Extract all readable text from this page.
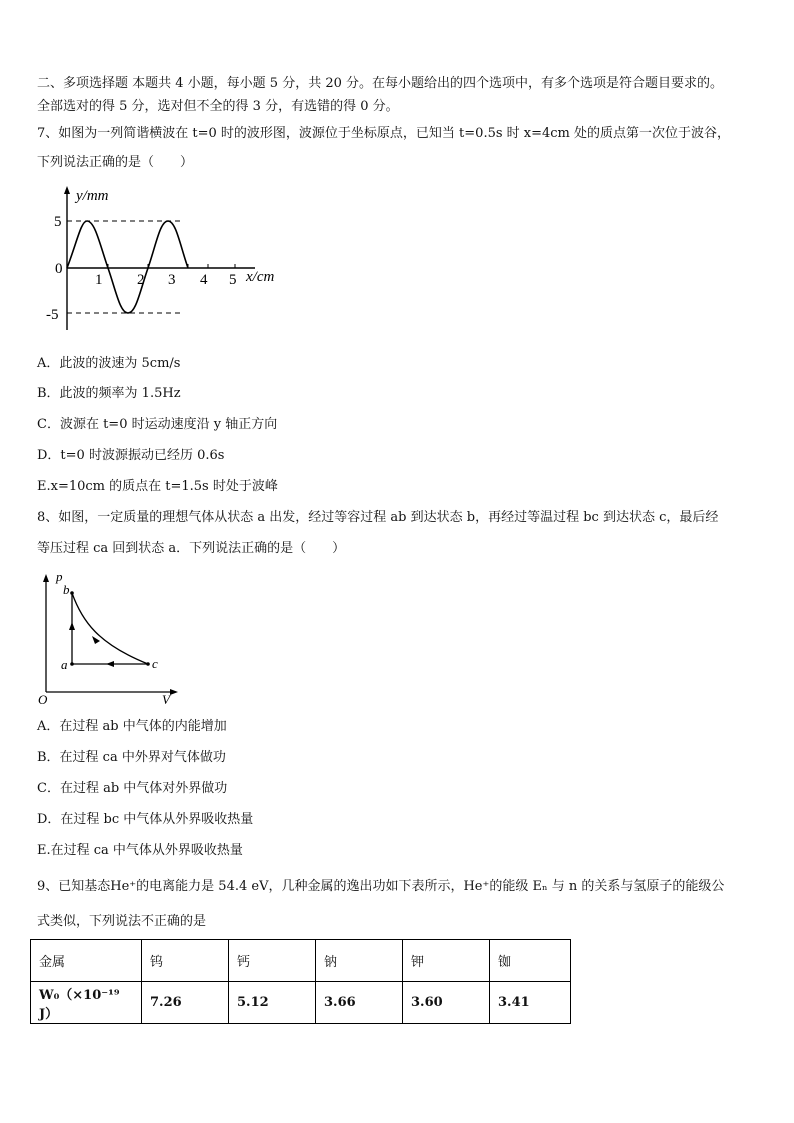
二、多项选择题 本题共 4 小题，每小题 5 分，共 20 分。在每小题给出的四个选项中，有多个选项是符合题目要求的。
全部选对的得 5 分，选对但不全的得 3 分，有选错的得 0 分。
7、如图为一列简谐横波在 t=0 时的波形图，波源位于坐标原点，已知当 t=0.5s 时 x=4cm 处的质点第一次位于波谷，
下列说法正确的是（　　）
y/mm
x/cm
0
5
-5
1 2 3 4 5
A．此波的波速为 5cm/s
B．此波的频率为 1.5Hz
C．波源在 t=0 时运动速度沿 y 轴正方向
D．t=0 时波源振动已经历 0.6s
E.x=10cm 的质点在 t=1.5s 时处于波峰
8、如图，一定质量的理想气体从状态 a 出发，经过等容过程 ab 到达状态 b，再经过等温过程 bc 到达状态 c，最后经
等压过程 ca 回到状态 a．下列说法正确的是（　　）
p
V
O
a
b
c
A．在过程 ab 中气体的内能增加
B．在过程 ca 中外界对气体做功
C．在过程 ab 中气体对外界做功
D．在过程 bc 中气体从外界吸收热量
E.在过程 ca 中气体从外界吸收热量
9、已知基态He⁺的电离能力是 54.4 eV，几种金属的逸出功如下表所示，He⁺的能级 Eₙ 与 n 的关系与氢原子的能级公
式类似，下列说法不正确的是
金属	钨	钙	钠	钾	铷
W₀（×10⁻¹⁹ J）	7.26	5.12	3.66	3.60	3.41
